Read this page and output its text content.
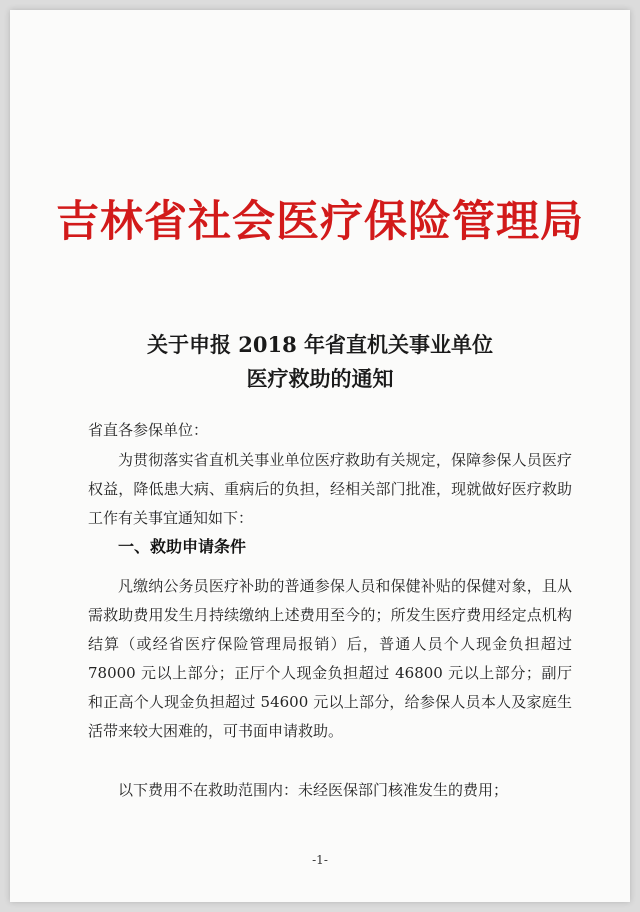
吉林省社会医疗保险管理局
关于申报 2018 年省直机关事业单位
医疗救助的通知
省直各参保单位：
为贯彻落实省直机关事业单位医疗救助有关规定，保障参保人员医疗权益，降低患大病、重病后的负担，经相关部门批准，现就做好医疗救助工作有关事宜通知如下：
一、救助申请条件
凡缴纳公务员医疗补助的普通参保人员和保健补贴的保健对象，且从需救助费用发生月持续缴纳上述费用至今的；所发生医疗费用经定点机构结算（或经省医疗保险管理局报销）后，普通人员个人现金负担超过 78000 元以上部分；正厅个人现金负担超过 46800 元以上部分；副厅和正高个人现金负担超过 54600 元以上部分，给参保人员本人及家庭生活带来较大困难的，可书面申请救助。
以下费用不在救助范围内：未经医保部门核准发生的费用；
-1-
